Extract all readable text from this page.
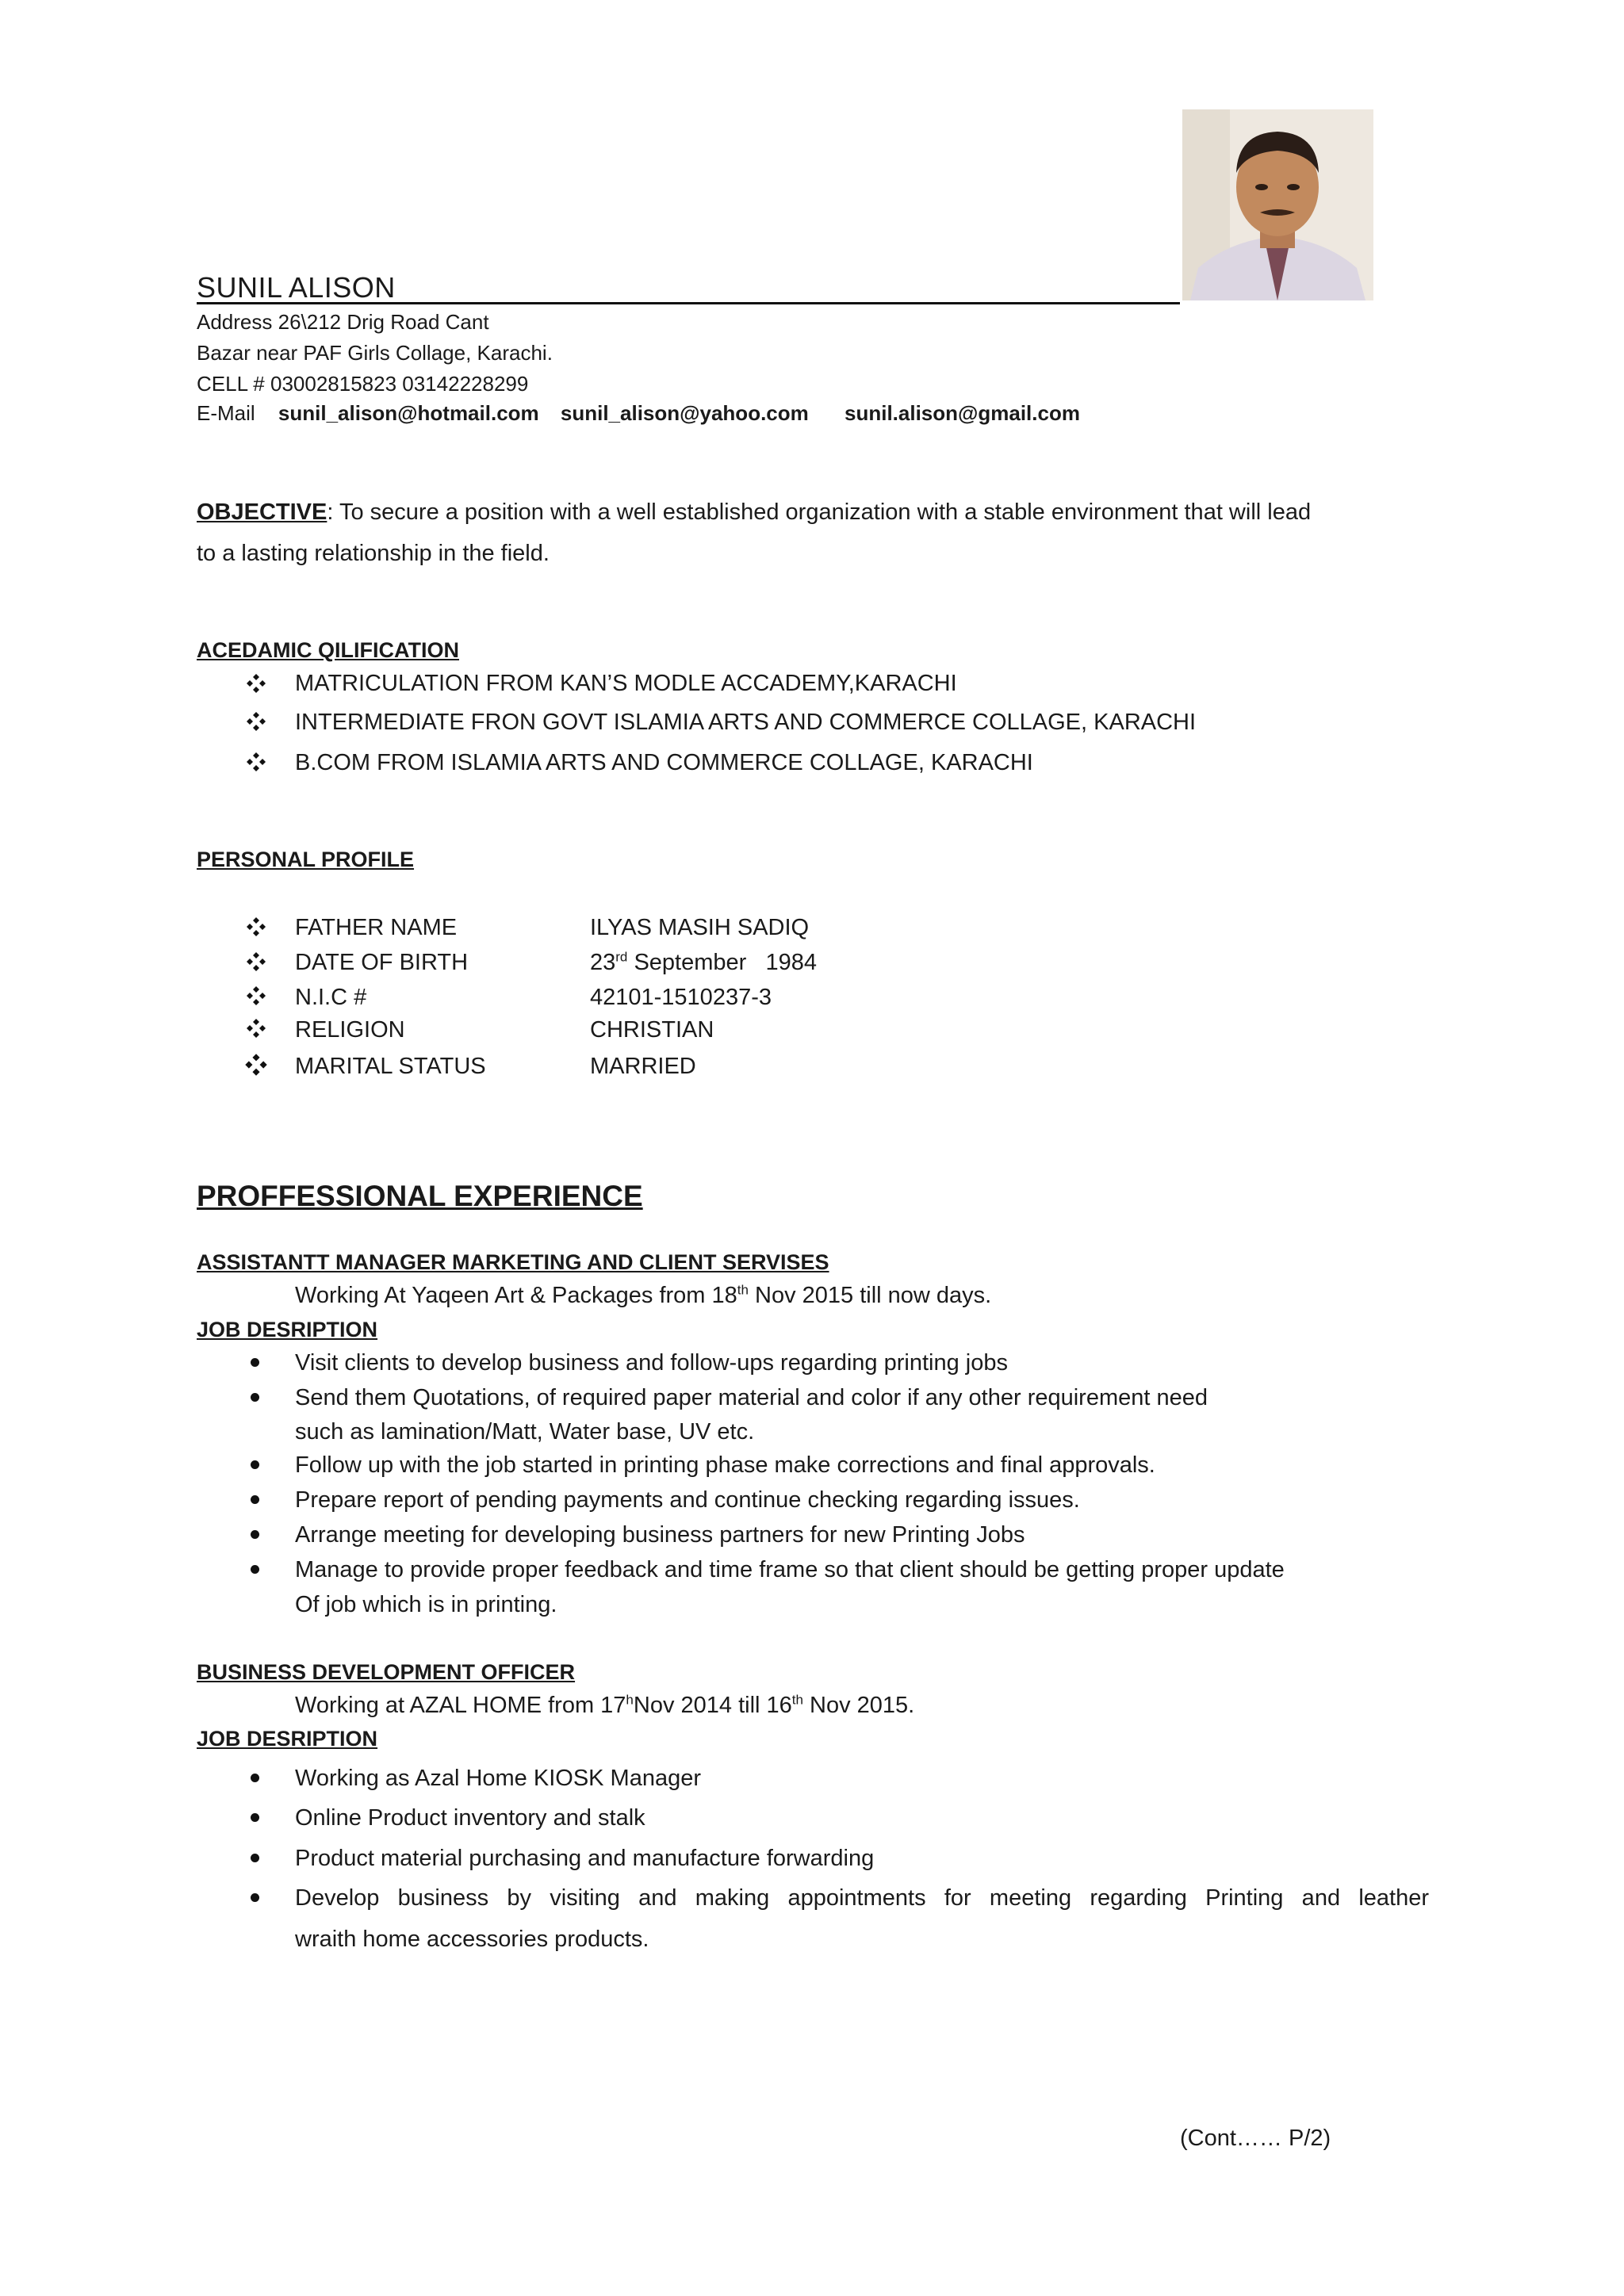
SUNIL ALISON
Address 26\212 Drig Road Cant
Bazar near PAF Girls Collage, Karachi.
CELL # 03002815823 03142228299
E-Mail sunil_alison@hotmail.com sunil_alison@yahoo.com sunil.alison@gmail.com
OBJECTIVE: To secure a position with a well established organization with a stable environment that will lead
to a lasting relationship in the field.
ACEDAMIC QILIFICATION
MATRICULATION FROM KAN’S MODLE ACCADEMY,KARACHI
INTERMEDIATE FRON GOVT ISLAMIA ARTS AND COMMERCE COLLAGE, KARACHI
B.COM FROM ISLAMIA ARTS AND COMMERCE COLLAGE, KARACHI
PERSONAL PROFILE
FATHER NAME	ILYAS MASIH SADIQ
DATE OF BIRTH	23rd September   1984
N.I.C #	42101-1510237-3
RELIGION	CHRISTIAN
MARITAL STATUS	MARRIED
PROFFESSIONAL EXPERIENCE
ASSISTANTT MANAGER MARKETING AND CLIENT SERVISES
Working At Yaqeen Art & Packages from 18th Nov 2015 till now days.
JOB DESRIPTION
Visit clients to develop business and follow-ups regarding printing jobs
Send them Quotations, of required paper material and color if any other requirement need
such as lamination/Matt, Water base, UV etc.
Follow up with the job started in printing phase make corrections and final approvals.
Prepare report of pending payments and continue checking regarding issues.
Arrange meeting for developing business partners for new Printing Jobs
Manage to provide proper feedback and time frame so that client should be getting proper update
Of job which is in printing.
BUSINESS DEVELOPMENT OFFICER
Working at AZAL HOME from 17$^h$Nov 2014 till 16th Nov 2015.
JOB DESRIPTION
Working as Azal Home KIOSK Manager
Online Product inventory and stalk
Product material purchasing and manufacture forwarding
Develop business by visiting and making appointments for meeting regarding Printing and leather
wraith home accessories products.
(Cont…… P/2)
